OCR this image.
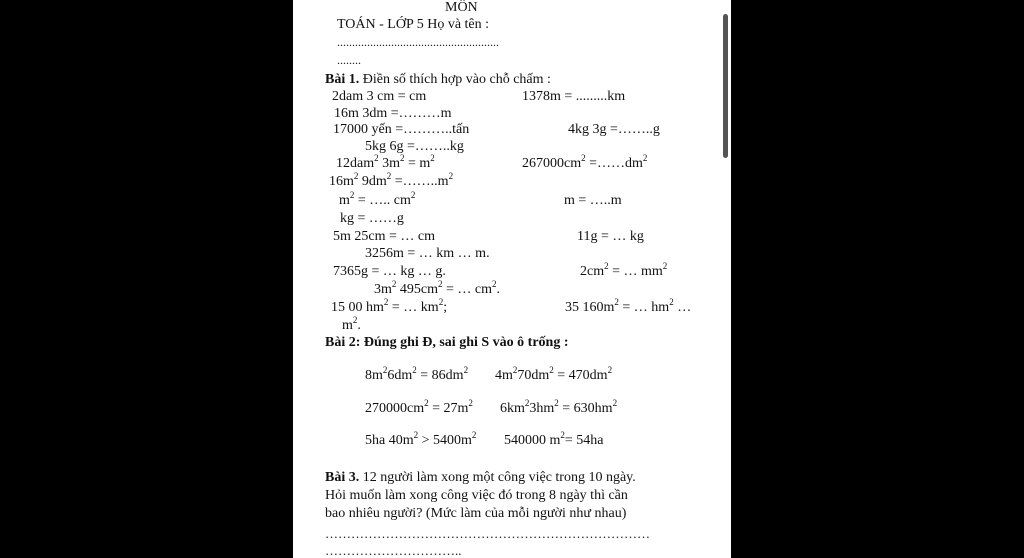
MÔN
TOÁN - LỚP 5 Họ và tên :
......................................................
........
Bài 1. Điền số thích hợp vào chỗ chấm :
2dam 3 cm = cm	1378m = .........km
16m 3dm =………m
17000 yến =………..tấn	4kg 3g =……..g
5kg 6g =……..kg
12dam$^2$ $3m^2 = m^2$	$267000cm^2$ $=\dots\dots dm^2$
$16m^2$ $9dm^2$ $=\dots\dots..m^2$
$m^2$ = ….. $cm^2$	m = …..m
kg = ……g
5m 25cm = … cm	11g = … kg
3256m = … km … m.
7365g = … kg … g.	$2cm^2$ = … $mm^2$
$3m^2$ $495cm^2$ = … $cm^2$.
15 00 $hm^2$ = … $km^2$;	35 $160m^2$ = … $hm^2$ …
$m^2$.
Bài 2: Đúng ghi Đ, sai ghi S vào ô trống :
$8m^26dm^2 = 86dm^2$ $4m^270dm^2 = 470dm^2$
$270000cm^2 = 27m^2$ $6km^23hm^2 = 630hm^2$
5ha $40m^2 > 5400m^2$ 540000 $m^2= 54ha$
Bài 3. 12 người làm xong một công việc trong 10 ngày.
Hỏi muốn làm xong công việc đó trong 8 ngày thì cần
bao nhiêu người? (Mức làm của mỗi người như nhau)
…………………………………………………………………
…………………………..
